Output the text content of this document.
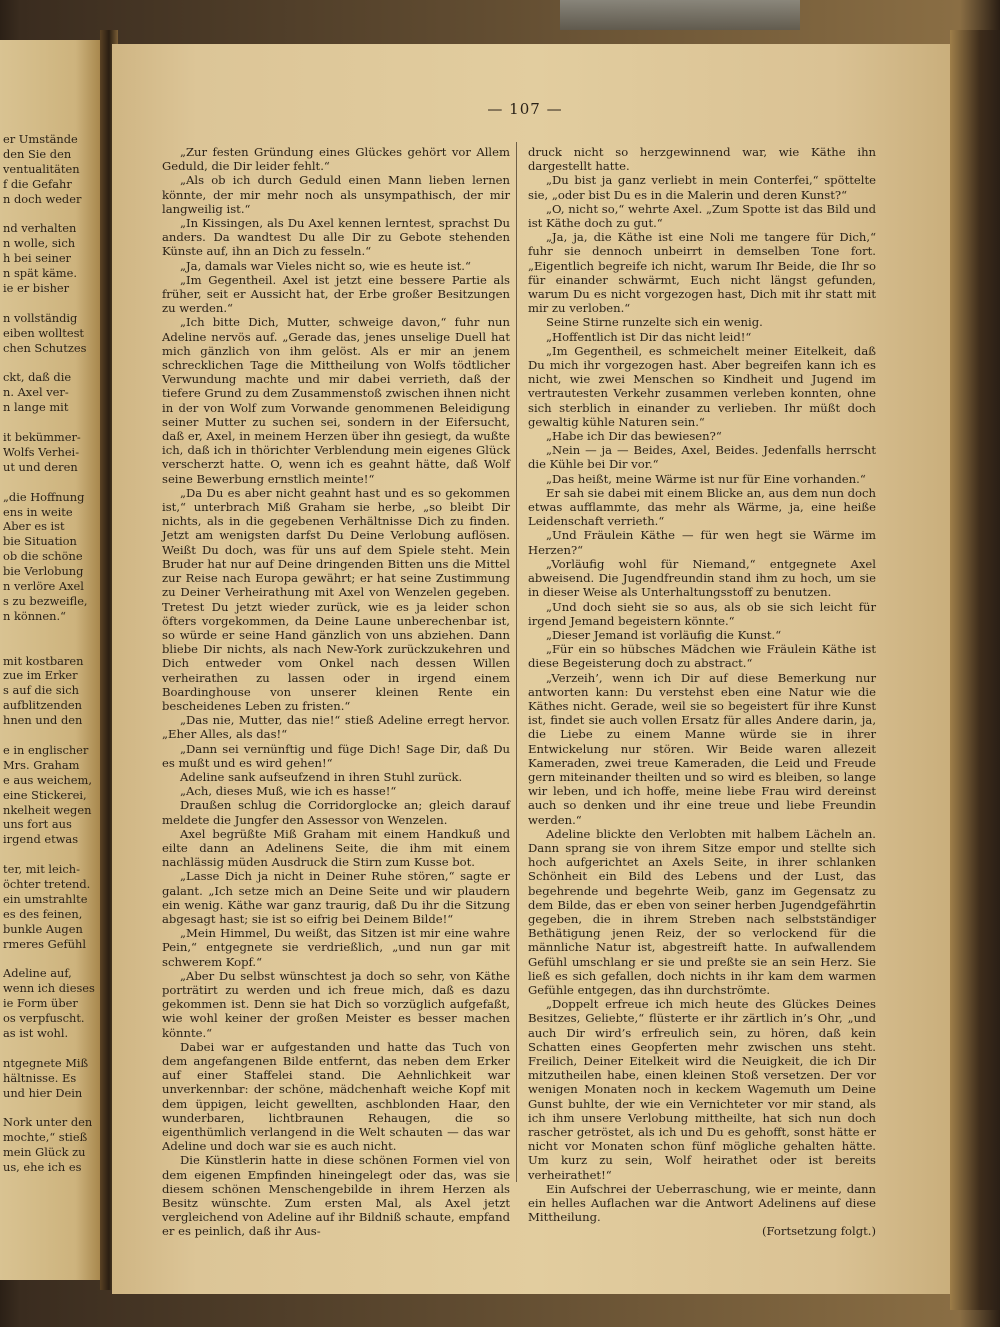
er Umstände
den Sie den
ventualitäten
f die Gefahr
n doch weder
nd verhalten
n wolle, sich
h bei seiner
n spät käme.
ie er bisher
n vollständig
eiben wolltest
chen Schutzes
ckt, daß die
n. Axel ver-
n lange mit
it bekümmer-
Wolfs Verhei-
ut und deren
„die Hoffnung
ens in weite
Aber es ist
bie Situation
ob die schöne
bie Verlobung
n verlöre Axel
s zu bezweifle,
n können.“
mit kostbaren
zue im Erker
s auf die sich
aufblitzenden
hnen und den
e in englischer
Mrs. Graham
e aus weichem,
eine Stickerei,
nkelheit wegen
uns fort aus
irgend etwas
ter, mit leich-
öchter tretend.
ein umstrahlte
es des feinen,
bunkle Augen
rmeres Gefühl
Adeline auf,
wenn ich dieses
ie Form über
os verpfuscht.
as ist wohl.
ntgegnete Miß
hältnisse. Es
und hier Dein
Nork unter den
mochte,“ stieß
mein Glück zu
us, ehe ich es
— 107 —

„Zur festen Gründung eines Glückes gehört vor Allem Geduld, die Dir leider fehlt.“

„Als ob ich durch Geduld einen Mann lieben lernen könnte, der mir mehr noch als unsympathisch, der mir langweilig ist.“

„In Kissingen, als Du Axel kennen lerntest, sprachst Du anders. Da wandtest Du alle Dir zu Gebote stehenden Künste auf, ihn an Dich zu fesseln.“

„Ja, damals war Vieles nicht so, wie es heute ist.“

„Im Gegentheil. Axel ist jetzt eine bessere Partie als früher, seit er Aussicht hat, der Erbe großer Besitzungen zu werden.“

„Ich bitte Dich, Mutter, schweige davon,“ fuhr nun Adeline nervös auf. „Gerade das, jenes unselige Duell hat mich gänzlich von ihm gelöst. Als er mir an jenem schrecklichen Tage die Mittheilung von Wolfs tödtlicher Verwundung machte und mir dabei verrieth, daß der tiefere Grund zu dem Zusammenstoß zwischen ihnen nicht in der von Wolf zum Vorwande genommenen Beleidigung seiner Mutter zu suchen sei, sondern in der Eifersucht, daß er, Axel, in meinem Herzen über ihn gesiegt, da wußte ich, daß ich in thörichter Verblendung mein eigenes Glück verscherzt hatte. O, wenn ich es geahnt hätte, daß Wolf seine Bewerbung ernstlich meinte!“

„Da Du es aber nicht geahnt hast und es so gekommen ist,“ unterbrach Miß Graham sie herbe, „so bleibt Dir nichts, als in die gegebenen Verhältnisse Dich zu finden. Jetzt am wenigsten darfst Du Deine Verlobung auflösen. Weißt Du doch, was für uns auf dem Spiele steht. Mein Bruder hat nur auf Deine dringenden Bitten uns die Mittel zur Reise nach Europa gewährt; er hat seine Zustimmung zu Deiner Verheirathung mit Axel von Wenzelen gegeben. Tretest Du jetzt wieder zurück, wie es ja leider schon öfters vorgekommen, da Deine Laune unberechenbar ist, so würde er seine Hand gänzlich von uns abziehen. Dann bliebe Dir nichts, als nach New-York zurückzukehren und Dich entweder vom Onkel nach dessen Willen verheirathen zu lassen oder in irgend einem Boardinghouse von unserer kleinen Rente ein bescheidenes Leben zu fristen.“

„Das nie, Mutter, das nie!“ stieß Adeline erregt hervor. „Eher Alles, als das!“

„Dann sei vernünftig und füge Dich! Sage Dir, daß Du es mußt und es wird gehen!“

Adeline sank aufseufzend in ihren Stuhl zurück.

„Ach, dieses Muß, wie ich es hasse!“

Draußen schlug die Corridorglocke an; gleich darauf meldete die Jungfer den Assessor von Wenzelen.

Axel begrüßte Miß Graham mit einem Handkuß und eilte dann an Adelinens Seite, die ihm mit einem nachlässig müden Ausdruck die Stirn zum Kusse bot.

„Lasse Dich ja nicht in Deiner Ruhe stören,“ sagte er galant. „Ich setze mich an Deine Seite und wir plaudern ein wenig. Käthe war ganz traurig, daß Du ihr die Sitzung abgesagt hast; sie ist so eifrig bei Deinem Bilde!“

„Mein Himmel, Du weißt, das Sitzen ist mir eine wahre Pein,“ entgegnete sie verdrießlich, „und nun gar mit schwerem Kopf.“

„Aber Du selbst wünschtest ja doch so sehr, von Käthe porträtirt zu werden und ich freue mich, daß es dazu gekommen ist. Denn sie hat Dich so vorzüglich aufgefaßt, wie wohl keiner der großen Meister es besser machen könnte.“

Dabei war er aufgestanden und hatte das Tuch von dem angefangenen Bilde entfernt, das neben dem Erker auf einer Staffelei stand. Die Aehnlichkeit war unverkennbar: der schöne, mädchenhaft weiche Kopf mit dem üppigen, leicht gewellten, aschblonden Haar, den wunderbaren, lichtbraunen Rehaugen, die so eigenthümlich verlangend in die Welt schauten — das war Adeline und doch war sie es auch nicht.

Die Künstlerin hatte in diese schönen Formen viel von dem eigenen Empfinden hineingelegt oder das, was sie diesem schönen Menschengebilde in ihrem Herzen als Besitz wünschte. Zum ersten Mal, als Axel jetzt vergleichend von Adeline auf ihr Bildniß schaute, empfand er es peinlich, daß ihr Aus-

druck nicht so herzgewinnend war, wie Käthe ihn dargestellt hatte.

„Du bist ja ganz verliebt in mein Conterfei,“ spöttelte sie, „oder bist Du es in die Malerin und deren Kunst?“

„O, nicht so,“ wehrte Axel. „Zum Spotte ist das Bild und ist Käthe doch zu gut.“

„Ja, ja, die Käthe ist eine Noli me tangere für Dich,“ fuhr sie dennoch unbeirrt in demselben Tone fort. „Eigentlich begreife ich nicht, warum Ihr Beide, die Ihr so für einander schwärmt, Euch nicht längst gefunden, warum Du es nicht vorgezogen hast, Dich mit ihr statt mit mir zu verloben.“

Seine Stirne runzelte sich ein wenig.

„Hoffentlich ist Dir das nicht leid!“

„Im Gegentheil, es schmeichelt meiner Eitelkeit, daß Du mich ihr vorgezogen hast. Aber begreifen kann ich es nicht, wie zwei Menschen so Kindheit und Jugend im vertrautesten Verkehr zusammen verleben konnten, ohne sich sterblich in einander zu verlieben. Ihr müßt doch gewaltig kühle Naturen sein.“

„Habe ich Dir das bewiesen?“

„Nein — ja — Beides, Axel, Beides. Jedenfalls herrscht die Kühle bei Dir vor.“

„Das heißt, meine Wärme ist nur für Eine vorhanden.“

Er sah sie dabei mit einem Blicke an, aus dem nun doch etwas aufflammte, das mehr als Wärme, ja, eine heiße Leidenschaft verrieth.“

„Und Fräulein Käthe — für wen hegt sie Wärme im Herzen?“

„Vorläufig wohl für Niemand,“ entgegnete Axel abweisend. Die Jugendfreundin stand ihm zu hoch, um sie in dieser Weise als Unterhaltungsstoff zu benutzen.

„Und doch sieht sie so aus, als ob sie sich leicht für irgend Jemand begeistern könnte.“

„Dieser Jemand ist vorläufig die Kunst.“

„Für ein so hübsches Mädchen wie Fräulein Käthe ist diese Begeisterung doch zu abstract.“

„Verzeih’, wenn ich Dir auf diese Bemerkung nur antworten kann: Du verstehst eben eine Natur wie die Käthes nicht. Gerade, weil sie so begeistert für ihre Kunst ist, findet sie auch vollen Ersatz für alles Andere darin, ja, die Liebe zu einem Manne würde sie in ihrer Entwickelung nur stören. Wir Beide waren allezeit Kameraden, zwei treue Kameraden, die Leid und Freude gern miteinander theilten und so wird es bleiben, so lange wir leben, und ich hoffe, meine liebe Frau wird dereinst auch so denken und ihr eine treue und liebe Freundin werden.“

Adeline blickte den Verlobten mit halbem Lächeln an. Dann sprang sie von ihrem Sitze empor und stellte sich hoch aufgerichtet an Axels Seite, in ihrer schlanken Schönheit ein Bild des Lebens und der Lust, das begehrende und begehrte Weib, ganz im Gegensatz zu dem Bilde, das er eben von seiner herben Jugendgefährtin gegeben, die in ihrem Streben nach selbstständiger Bethätigung jenen Reiz, der so verlockend für die männliche Natur ist, abgestreift hatte. In aufwallendem Gefühl umschlang er sie und preßte sie an sein Herz. Sie ließ es sich gefallen, doch nichts in ihr kam dem warmen Gefühle entgegen, das ihn durchströmte.

„Doppelt erfreue ich mich heute des Glückes Deines Besitzes, Geliebte,“ flüsterte er ihr zärtlich in’s Ohr, „und auch Dir wird’s erfreulich sein, zu hören, daß kein Schatten eines Geopferten mehr zwischen uns steht. Freilich, Deiner Eitelkeit wird die Neuigkeit, die ich Dir mitzutheilen habe, einen kleinen Stoß versetzen. Der vor wenigen Monaten noch in keckem Wagemuth um Deine Gunst buhlte, der wie ein Vernichteter vor mir stand, als ich ihm unsere Verlobung mittheilte, hat sich nun doch rascher getröstet, als ich und Du es gehofft, sonst hätte er nicht vor Monaten schon fünf mögliche gehalten hätte. Um kurz zu sein, Wolf heirathet oder ist bereits verheirathet!“

Ein Aufschrei der Ueberraschung, wie er meinte, dann ein helles Auflachen war die Antwort Adelinens auf diese Mittheilung.

(Fortsetzung folgt.)
